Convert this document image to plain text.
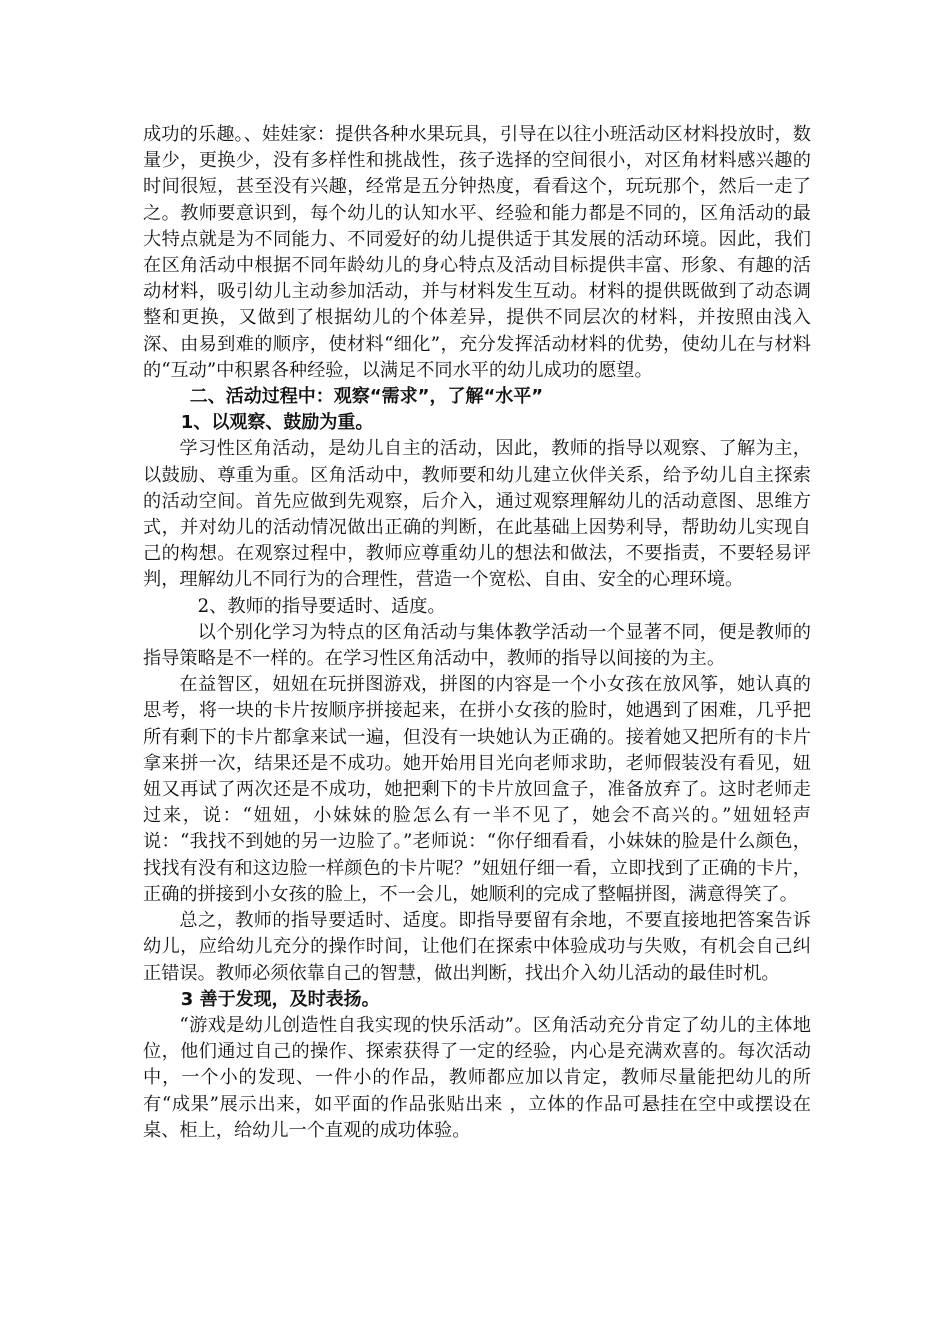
成功的乐趣。、娃娃家：提供各种水果玩具，引导在以往小班活动区材料投放时，数量少，更换少，没有多样性和挑战性，孩子选择的空间很小，对区角材料感兴趣的时间很短，甚至没有兴趣，经常是五分钟热度，看看这个，玩玩那个，然后一走了之。教师要意识到，每个幼儿的认知水平、经验和能力都是不同的，区角活动的最大特点就是为不同能力、不同爱好的幼儿提供适于其发展的活动环境。因此，我们在区角活动中根据不同年龄幼儿的身心特点及活动目标提供丰富、形象、有趣的活动材料，吸引幼儿主动参加活动，并与材料发生互动。材料的提供既做到了动态调整和更换，又做到了根据幼儿的个体差异，提供不同层次的材料，并按照由浅入深、由易到难的顺序，使材料“细化”，充分发挥活动材料的优势，使幼儿在与材料的“互动”中积累各种经验，以满足不同水平的幼儿成功的愿望。

二、活动过程中：观察“需求”，了解“水平”

1、以观察、鼓励为重。

学习性区角活动，是幼儿自主的活动，因此，教师的指导以观察、了解为主，以鼓励、尊重为重。区角活动中，教师要和幼儿建立伙伴关系，给予幼儿自主探索的活动空间。首先应做到先观察，后介入，通过观察理解幼儿的活动意图、思维方式，并对幼儿的活动情况做出正确的判断，在此基础上因势利导，帮助幼儿实现自己的构想。在观察过程中，教师应尊重幼儿的想法和做法，不要指责，不要轻易评判，理解幼儿不同行为的合理性，营造一个宽松、自由、安全的心理环境。

2、教师的指导要适时、适度。

以个别化学习为特点的区角活动与集体教学活动一个显著不同，便是教师的指导策略是不一样的。在学习性区角活动中，教师的指导以间接的为主。

在益智区，妞妞在玩拼图游戏，拼图的内容是一个小女孩在放风筝，她认真的思考，将一块的卡片按顺序拼接起来，在拼小女孩的脸时，她遇到了困难，几乎把所有剩下的卡片都拿来试一遍，但没有一块她认为正确的。接着她又把所有的卡片拿来拼一次，结果还是不成功。她开始用目光向老师求助，老师假装没有看见，妞妞又再试了两次还是不成功，她把剩下的卡片放回盒子，准备放弃了。这时老师走过来，说：“妞妞，小妹妹的脸怎么有一半不见了，她会不高兴的。”妞妞轻声说：“我找不到她的另一边脸了。”老师说：“你仔细看看，小妹妹的脸是什么颜色，找找有没有和这边脸一样颜色的卡片呢？”妞妞仔细一看，立即找到了正确的卡片，正确的拼接到小女孩的脸上，不一会儿，她顺利的完成了整幅拼图，满意得笑了。

总之，教师的指导要适时、适度。即指导要留有余地，不要直接地把答案告诉幼儿，应给幼儿充分的操作时间，让他们在探索中体验成功与失败，有机会自己纠正错误。教师必须依靠自己的智慧，做出判断，找出介入幼儿活动的最佳时机。

3 善于发现，及时表扬。

“游戏是幼儿创造性自我实现的快乐活动”。区角活动充分肯定了幼儿的主体地位，他们通过自己的操作、探索获得了一定的经验，内心是充满欢喜的。每次活动中，一个小的发现、一件小的作品，教师都应加以肯定，教师尽量能把幼儿的所有“成果”展示出来，如平面的作品张贴出来 ，立体的作品可悬挂在空中或摆设在桌、柜上，给幼儿一个直观的成功体验。
